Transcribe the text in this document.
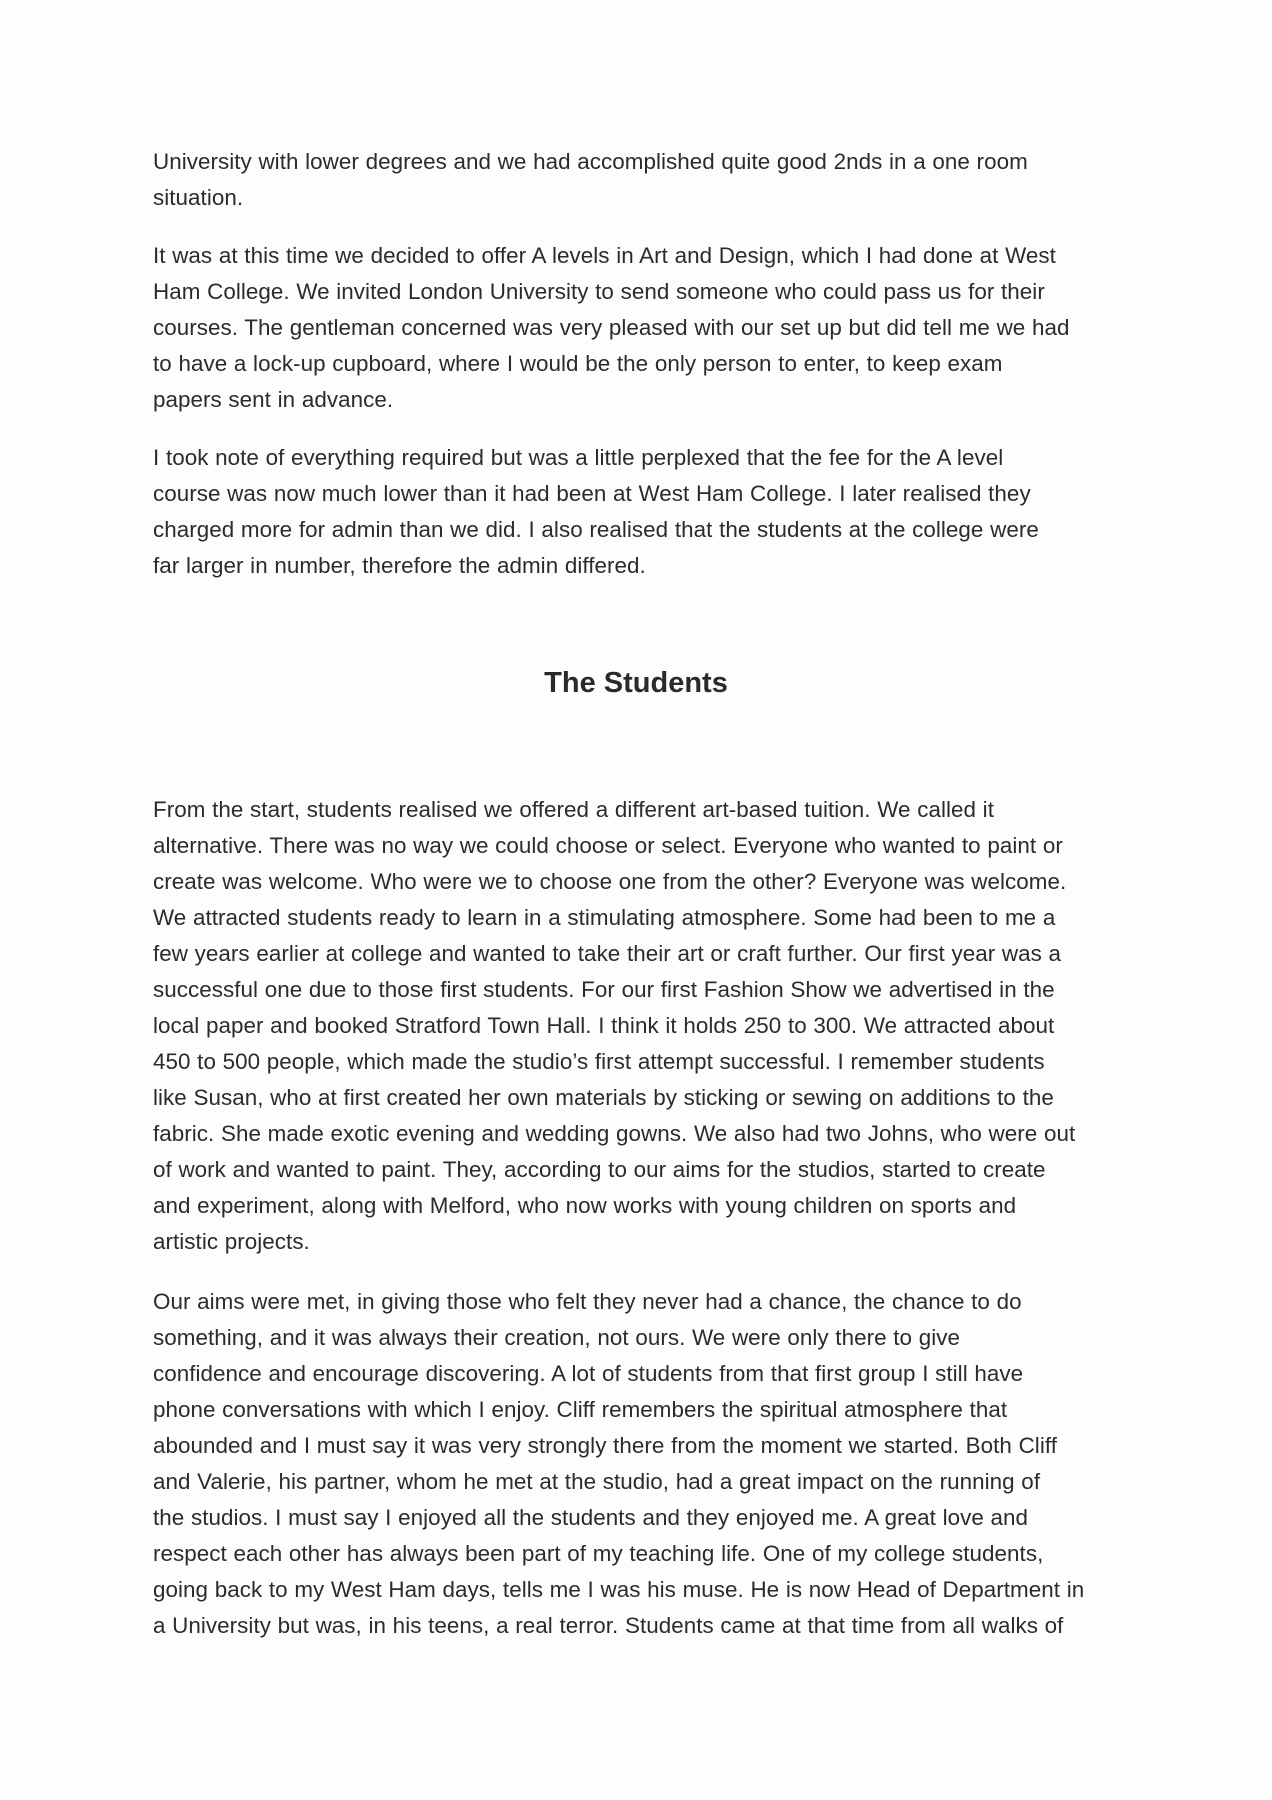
University with lower degrees and we had accomplished quite good 2nds in a one room
situation.
It was at this time we decided to offer A levels in Art and Design, which I had done at West
Ham College. We invited London University to send someone who could pass us for their
courses. The gentleman concerned was very pleased with our set up but did tell me we had
to have a lock-up cupboard, where I would be the only person to enter, to keep exam
papers sent in advance.
I took note of everything required but was a little perplexed that the fee for the A level
course was now much lower than it had been at West Ham College. I later realised they
charged more for admin than we did. I also realised that the students at the college were
far larger in number, therefore the admin differed.
The Students
From the start, students realised we offered a different art-based tuition. We called it
alternative. There was no way we could choose or select. Everyone who wanted to paint or
create was welcome. Who were we to choose one from the other? Everyone was welcome.
We attracted students ready to learn in a stimulating atmosphere. Some had been to me a
few years earlier at college and wanted to take their art or craft further. Our first year was a
successful one due to those first students. For our first Fashion Show we advertised in the
local paper and booked Stratford Town Hall. I think it holds 250 to 300. We attracted about
450 to 500 people, which made the studio’s first attempt successful. I remember students
like Susan, who at first created her own materials by sticking or sewing on additions to the
fabric. She made exotic evening and wedding gowns. We also had two Johns, who were out
of work and wanted to paint. They, according to our aims for the studios, started to create
and experiment, along with Melford, who now works with young children on sports and
artistic projects.
Our aims were met, in giving those who felt they never had a chance, the chance to do
something, and it was always their creation, not ours. We were only there to give
confidence and encourage discovering. A lot of students from that first group I still have
phone conversations with which I enjoy. Cliff remembers the spiritual atmosphere that
abounded and I must say it was very strongly there from the moment we started. Both Cliff
and Valerie, his partner, whom he met at the studio, had a great impact on the running of
the studios. I must say I enjoyed all the students and they enjoyed me. A great love and
respect each other has always been part of my teaching life. One of my college students,
going back to my West Ham days, tells me I was his muse. He is now Head of Department in
a University but was, in his teens, a real terror. Students came at that time from all walks of
